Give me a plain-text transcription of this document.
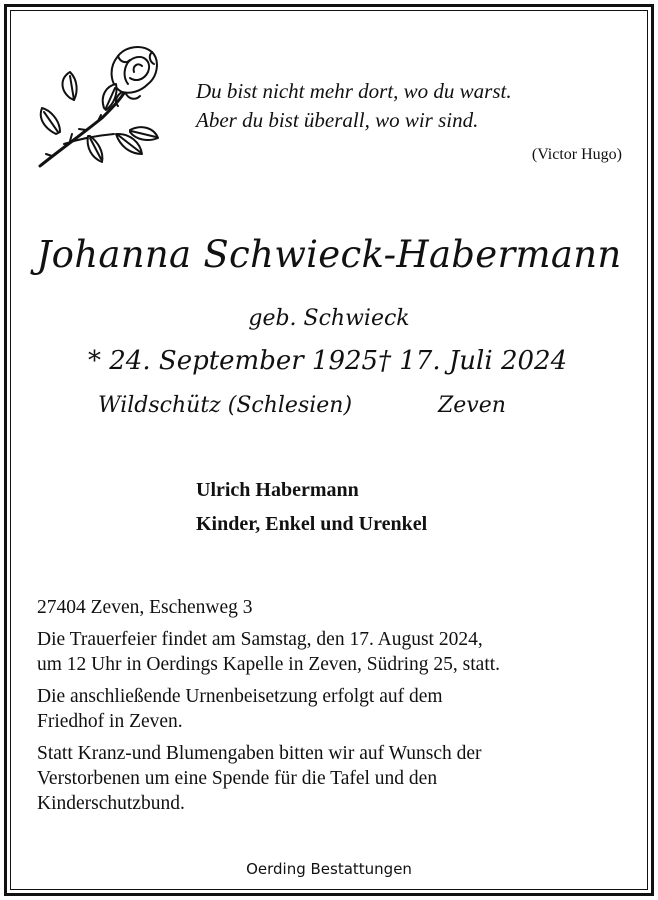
Du bist nicht mehr dort, wo du warst.
Aber du bist überall, wo wir sind.
(Victor Hugo)
Johanna Schwieck-Habermann
geb. Schwieck
* 24. September 1925 † 17. Juli 2024
Wildschütz (Schlesien)	Zeven
Ulrich Habermann
Kinder, Enkel und Urenkel

27404 Zeven, Eschenweg 3

Die Trauerfeier findet am Samstag, den 17. August 2024,
um 12 Uhr in Oerdings Kapelle in Zeven, Südring 25, statt.

Die anschließende Urnenbeisetzung erfolgt auf dem
Friedhof in Zeven.

Statt Kranz-und Blumengaben bitten wir auf Wunsch der
Verstorbenen um eine Spende für die Tafel und den
Kinderschutzbund.

Oerding Bestattungen
